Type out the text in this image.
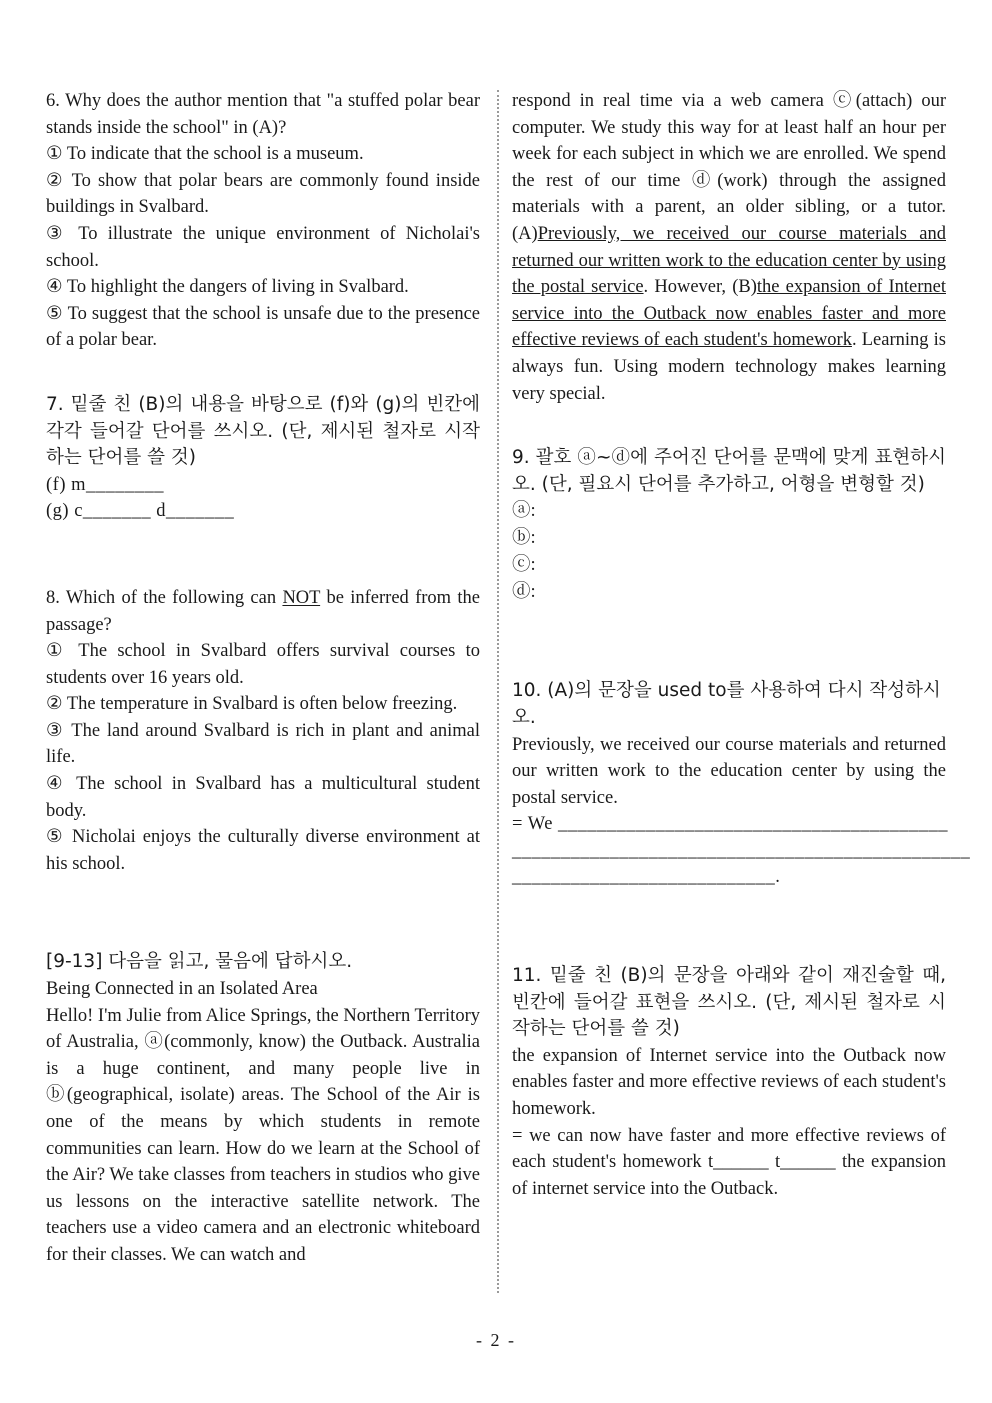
6. Why does the author mention that "a stuffed polar bear stands inside the school" in (A)?

① To indicate that the school is a museum.

② To show that polar bears are commonly found inside buildings in Svalbard.

③ To illustrate the unique environment of Nicholai's school.

④ To highlight the dangers of living in Svalbard.

⑤ To suggest that the school is unsafe due to the presence of a polar bear.

7. 밑줄 친 (B)의 내용을 바탕으로 (f)와 (g)의 빈칸에 각각 들어갈 단어를 쓰시오. (단, 제시된 철자로 시작하는 단어를 쓸 것)

(f) m________

(g) c_______ d_______

8. Which of the following can NOT be inferred from the passage?

① The school in Svalbard offers survival courses to students over 16 years old.

② The temperature in Svalbard is often below freezing.

③ The land around Svalbard is rich in plant and animal life.

④ The school in Svalbard has a multicultural student body.

⑤ Nicholai enjoys the culturally diverse environment at his school.

[9-13] 다음을 읽고, 물음에 답하시오.

Being Connected in an Isolated Area

Hello! I'm Julie from Alice Springs, the Northern Territory of Australia, ⓐ(commonly, know) the Outback. Australia is a huge continent, and many people live in ⓑ(geographical, isolate) areas. The School of the Air is one of the means by which students in remote communities can learn. How do we learn at the School of the Air? We take classes from teachers in studios who give us lessons on the interactive satellite network. The teachers use a video camera and an electronic whiteboard for their classes. We can watch and

respond in real time via a web camera ⓒ(attach) our computer. We study this way for at least half an hour per week for each subject in which we are enrolled. We spend the rest of our time ⓓ(work) through the assigned materials with a parent, an older sibling, or a tutor. (A)Previously, we received our course materials and returned our written work to the education center by using the postal service. However, (B)the expansion of Internet service into the Outback now enables faster and more effective reviews of each student's homework. Learning is always fun. Using modern technology makes learning very special.

9. 괄호 ⓐ~ⓓ에 주어진 단어를 문맥에 맞게 표현하시오. (단, 필요시 단어를 추가하고, 어형을 변형할 것)

ⓐ:

ⓑ:

ⓒ:

ⓓ:

10. (A)의 문장을 used to를 사용하여 다시 작성하시오.

Previously, we received our course materials and returned our written work to the education center by using the postal service.

= We ________________________________________

_______________________________________________

___________________________.

11. 밑줄 친 (B)의 문장을 아래와 같이 재진술할 때, 빈칸에 들어갈 표현을 쓰시오. (단, 제시된 철자로 시작하는 단어를 쓸 것)

the expansion of Internet service into the Outback now enables faster and more effective reviews of each student's homework.

= we can now have faster and more effective reviews of each student's homework t______ t______ the expansion of internet service into the Outback.

- 2 -
